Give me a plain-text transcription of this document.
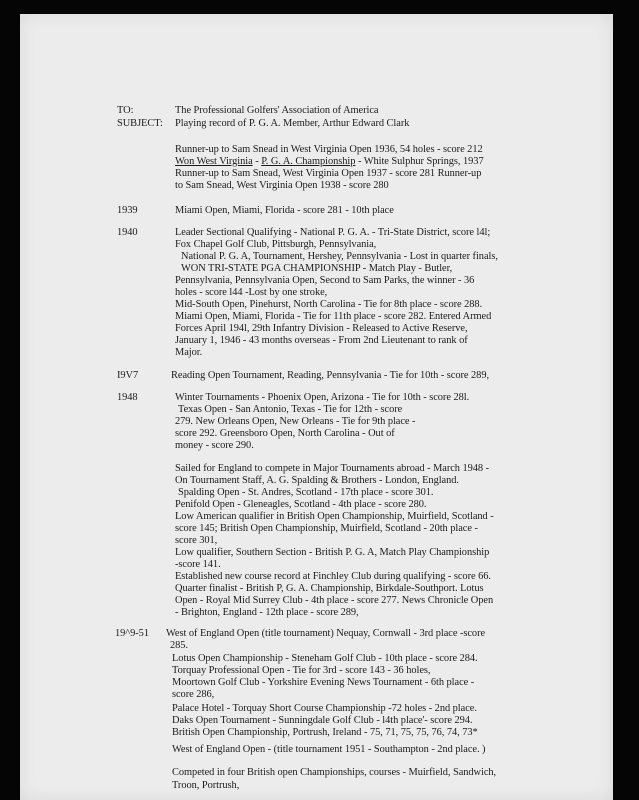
TO:	The Professional Golfers' Association of America
SUBJECT: Playing record of P. G. A. Member, Arthur Edward Clark
Runner-up to Sam Snead in West Virginia Open 1936, 54 holes - score 212
Won West Virginia - P. G. A. Championship - White Sulphur Springs, 1937
Runner-up to Sam Snead, West Virginia Open 1937 - score 281 Runner-up
to Sam Snead, West Virginia Open 1938 - score 280
1939	Miami Open, Miami, Florida - score 281 - 10th place
1940	Leader Sectional Qualifying - National P. G. A. - Tri-State District, score l4l;
Fox Chapel Golf Club, Pittsburgh, Pennsylvania,
National P. G. A, Tournament, Hershey, Pennsylvania - Lost in quarter finals,
WON TRI-STATE PGA CHAMPIONSHIP - Match Play - Butler,
Pennsylvania, Pennsylvania Open, Second to Sam Parks, the winner - 36
holes - score l44 -Lost by one stroke,
Mid-South Open, Pinehurst, North Carolina - Tie for 8th place - score 288.
Miami Open, Miami, Florida - Tie for 11th place - score 282. Entered Armed
Forces April 194l, 29th Infantry Division - Released to Active Reserve,
January 1, 1946 - 43 months overseas - From 2nd Lieutenant to rank of
Major.
I9V7	Reading Open Tournament, Reading, Pennsylvania - Tie for 10th - score 289,
1948	Winter Tournaments - Phoenix Open, Arizona - Tie for 10th - score 28l.
Texas Open - San Antonio, Texas - Tie for 12th - score
279. New Orleans Open, New Orleans - Tie for 9th place -
score 292. Greensboro Open, North Carolina - Out of
money - score 290.
Sailed for England to compete in Major Tournaments abroad - March 1948 -
On Tournament Staff, A. G. Spalding & Brothers - London, England.
Spalding Open - St. Andres, Scotland - 17th place - score 301.
Penifold Open - Gleneagles, Scotland - 4th place - score 280.
Low American qualifier in British Open Championship, Muirfield, Scotland -
score 145; British Open Championship, Muirfield, Scotland - 20th place -
score 301,
Low qualifier, Southern Section - British P. G. A, Match Play Championship
-score 141.
Established new course record at Finchley Club during qualifying - score 66.
Quarter finalist - British P, G. A. Championship, Birkdale-Southport. Lotus
Open - Royal Mid Surrey Club - 4th place - score 277. News Chronicle Open
- Brighton, England - 12th place - score 289,
19^9-51 West of England Open (title tournament) Nequay, Cornwall - 3rd place -score
285.
Lotus Open Championship - Steneham Golf Club - 10th place - score 284.
Torquay Professional Open - Tie for 3rd - score 143 - 36 holes,
Moortown Golf Club - Yorkshire Evening News Tournament - 6th place -
score 286,
Palace Hotel - Torquay Short Course Championship -72 holes - 2nd place.
Daks Open Tournament - Sunningdale Golf Club - l4th place'- score 294.
British Open Championship, Portrush, Ireland - 75, 71, 75, 75, 76, 74, 73*
West of England Open - (title tournament 1951 - Southampton - 2nd place. )
Competed in four British open Championships, courses - Muirfield, Sandwich,
Troon, Portrush,
